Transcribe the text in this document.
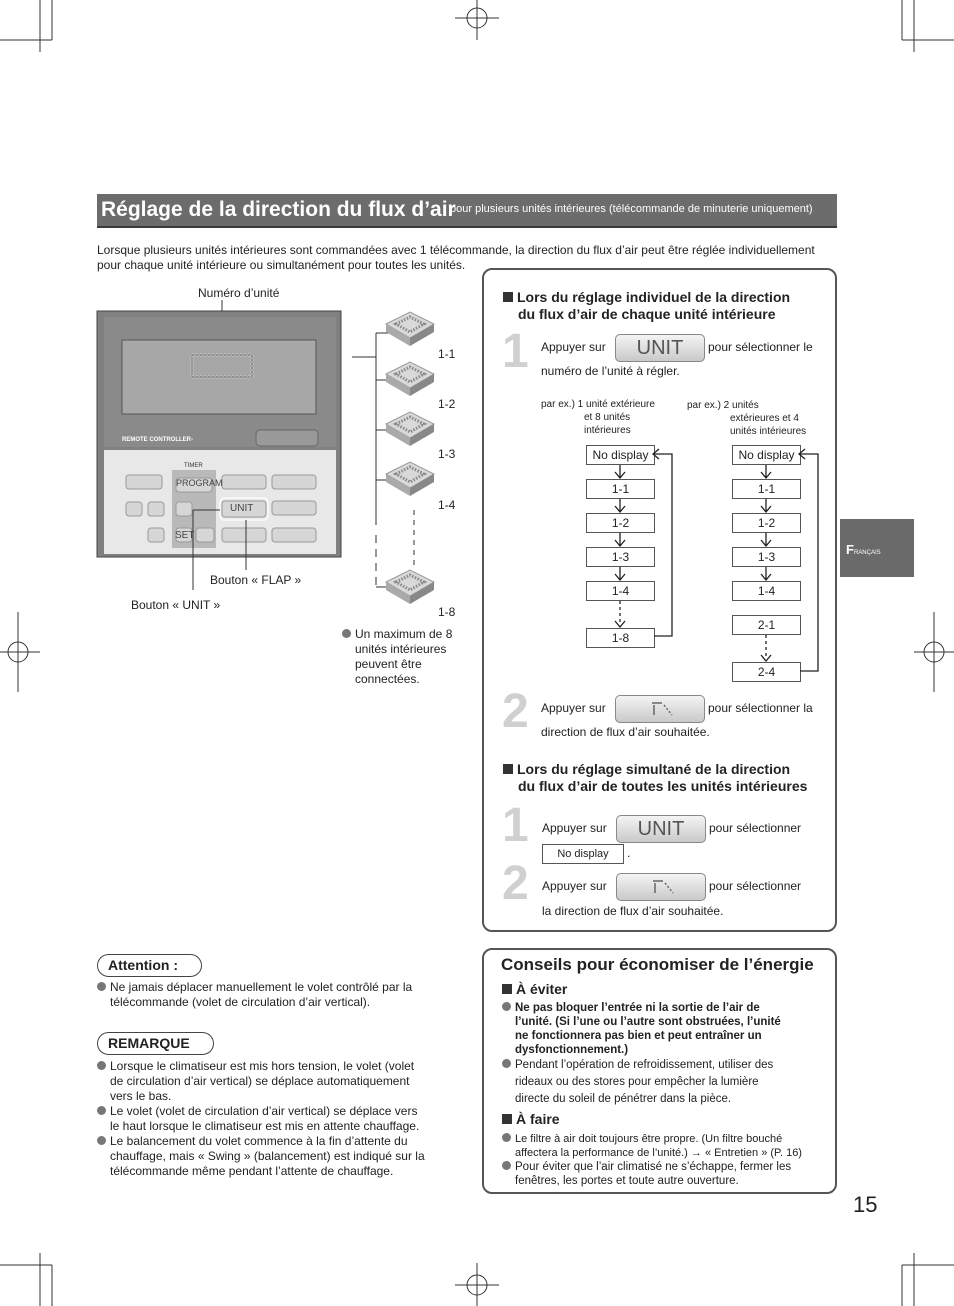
Réglage de la direction du flux d’air
pour plusieurs unités intérieures (télécommande de minuterie uniquement)
Lorsque plusieurs unités intérieures sont commandées avec 1 télécommande, la direction du flux d’air peut être réglée individuellement
pour chaque unité intérieure ou simultanément pour toutes les unités.
Numéro d’unité
REMOTE CONTROLLER-
TIMER
PROGRAM
UNIT
SET
1-1
1-2
1-3
1-4
1-8
Bouton « FLAP »
Bouton « UNIT »
Un maximum de 8
unités intérieures
peuvent être
connectées.
Lors du réglage individuel de la direction
du flux d’air de chaque unité intérieure
1 Appuyer sur	UNIT	pour sélectionner le
numéro de l’unité à régler.
par ex.) 1 unité extérieure
et 8 unités
intérieures
par ex.) 2 unités
extérieures et 4
unités intérieures
No display
1-1
1-2
1-3
1-4
1-8
No display
1-1
1-2
1-3
1-4
2-1
2-4
2 Appuyer sur	pour sélectionner la
direction de flux d’air souhaitée.
Lors du réglage simultané de la direction
du flux d’air de toutes les unités intérieures
1 Appuyer sur	UNIT	pour sélectionner
No display	.
2 Appuyer sur	pour sélectionner
la direction de flux d’air souhaitée.
Attention :
Ne jamais déplacer manuellement le volet contrôlé par la
télécommande (volet de circulation d’air vertical).
REMARQUE
Lorsque le climatiseur est mis hors tension, le volet (volet
de circulation d’air vertical) se déplace automatiquement
vers le bas.
Le volet (volet de circulation d’air vertical) se déplace vers
le haut lorsque le climatiseur est mis en attente chauffage.
Le balancement du volet commence à la fin d’attente du
chauffage, mais « Swing » (balancement) est indiqué sur la
télécommande même pendant l’attente de chauffage.
Conseils pour économiser de l’énergie
À éviter
Ne pas bloquer l’entrée ni la sortie de l’air de
l’unité. (Si l’une ou l’autre sont obstruées, l’unité
ne fonctionnera pas bien et peut entraîner un
dysfonctionnement.)
Pendant l’opération de refroidissement, utiliser des
rideaux ou des stores pour empêcher la lumière
directe du soleil de pénétrer dans la pièce.
À faire
Le filtre à air doit toujours être propre. (Un filtre bouché
affectera la performance de l’unité.) → « Entretien » (P. 16)
Pour éviter que l’air climatisé ne s’échappe, fermer les
fenêtres, les portes et toute autre ouverture.
FRANÇAIS
15
